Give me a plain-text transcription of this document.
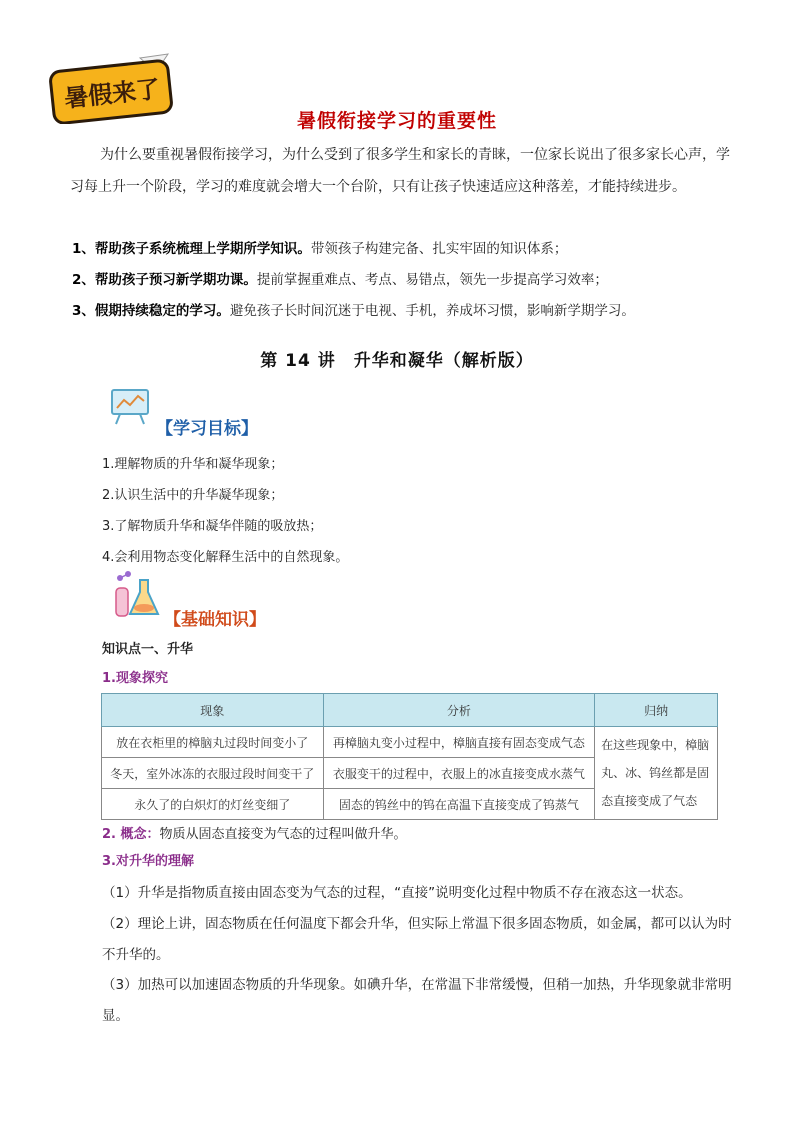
暑假来了
暑假衔接学习的重要性
为什么要重视暑假衔接学习，为什么受到了很多学生和家长的青睐，一位家长说出了很多家长心声，学习每上升一个阶段，学习的难度就会增大一个台阶，只有让孩子快速适应这种落差，才能持续进步。
1、帮助孩子系统梳理上学期所学知识。带领孩子构建完备、扎实牢固的知识体系；
2、帮助孩子预习新学期功课。提前掌握重难点、考点、易错点，领先一步提高学习效率；
3、假期持续稳定的学习。避免孩子长时间沉迷于电视、手机，养成坏习惯，影响新学期学习。
第 14 讲　升华和凝华（解析版）
【学习目标】
1.理解物质的升华和凝华现象；
2.认识生活中的升华凝华现象；
3.了解物质升华和凝华伴随的吸放热；
4.会利用物态变化解释生活中的自然现象。
【基础知识】
知识点一、升华
1.现象探究
现象	分析	归纳
放在衣柜里的樟脑丸过段时间变小了	再樟脑丸变小过程中，樟脑直接有固态变成气态	在这些现象中，樟脑丸、冰、钨丝都是固态直接变成了气态
冬天，室外冰冻的衣服过段时间变干了	衣服变干的过程中，衣服上的冰直接变成水蒸气	
永久了的白炽灯的灯丝变细了	固态的钨丝中的钨在高温下直接变成了钨蒸气	
2. 概念：物质从固态直接变为气态的过程叫做升华。
3.对升华的理解
（1）升华是指物质直接由固态变为气态的过程，“直接”说明变化过程中物质不存在液态这一状态。
（2）理论上讲，固态物质在任何温度下都会升华，但实际上常温下很多固态物质，如金属，都可以认为时不升华的。
（3）加热可以加速固态物质的升华现象。如碘升华，在常温下非常缓慢，但稍一加热，升华现象就非常明显。
